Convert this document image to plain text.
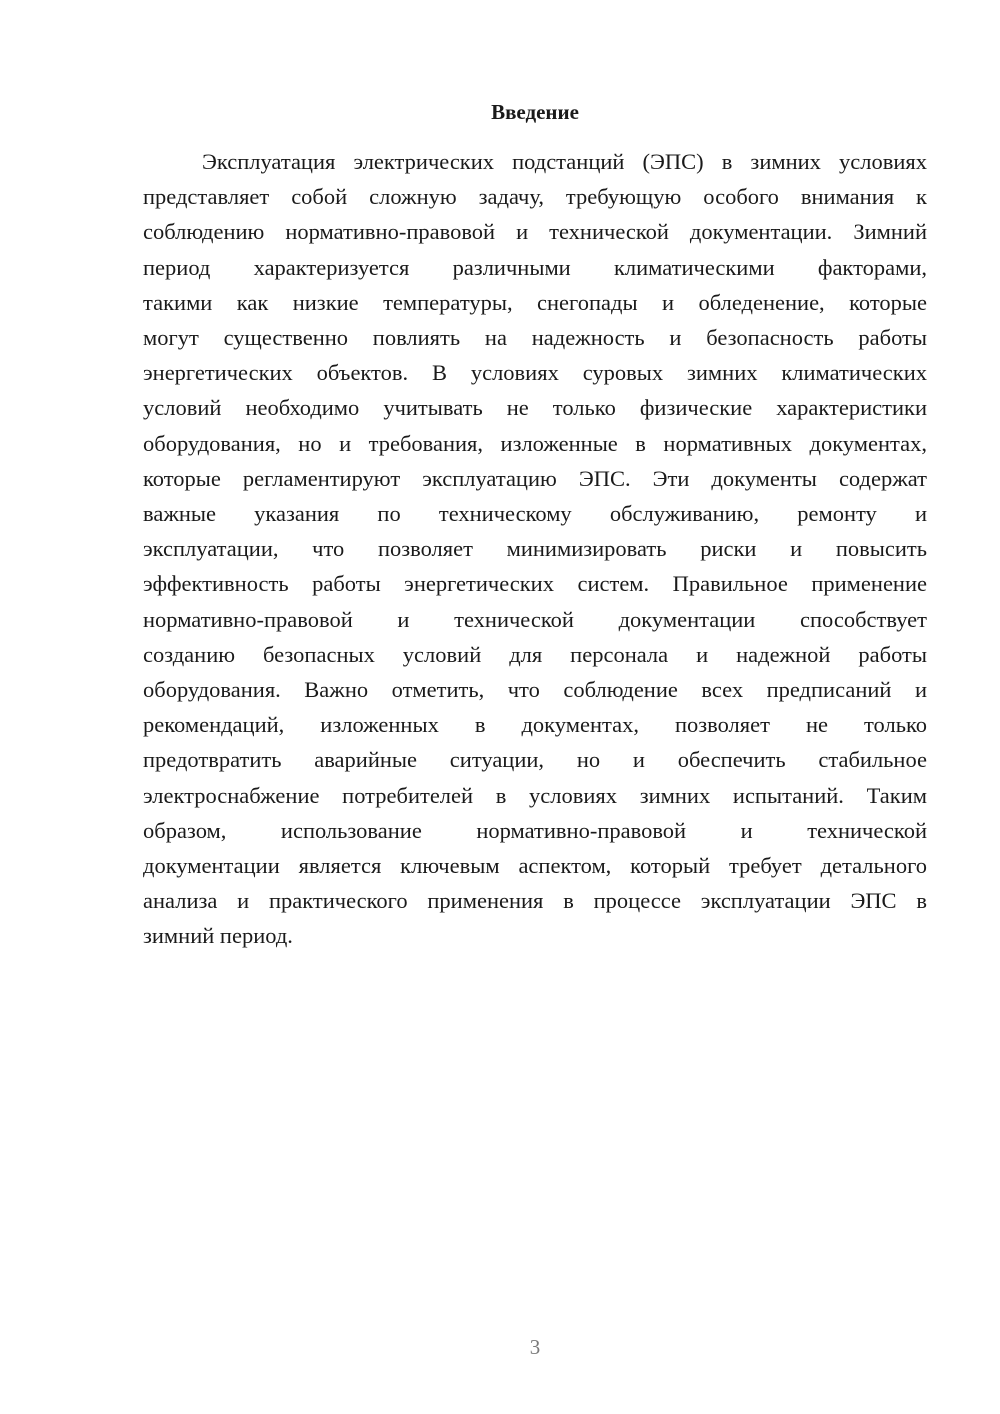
Введение
Эксплуатация электрических подстанций (ЭПС) в зимних условиях
представляет собой сложную задачу, требующую особого внимания к
соблюдению нормативно-правовой и технической документации. Зимний
период характеризуется различными климатическими факторами,
такими как низкие температуры, снегопады и обледенение, которые
могут существенно повлиять на надежность и безопасность работы
энергетических объектов. В условиях суровых зимних климатических
условий необходимо учитывать не только физические характеристики
оборудования, но и требования, изложенные в нормативных документах,
которые регламентируют эксплуатацию ЭПС. Эти документы содержат
важные указания по техническому обслуживанию, ремонту и
эксплуатации, что позволяет минимизировать риски и повысить
эффективность работы энергетических систем. Правильное применение
нормативно-правовой и технической документации способствует
созданию безопасных условий для персонала и надежной работы
оборудования. Важно отметить, что соблюдение всех предписаний и
рекомендаций, изложенных в документах, позволяет не только
предотвратить аварийные ситуации, но и обеспечить стабильное
электроснабжение потребителей в условиях зимних испытаний. Таким
образом, использование нормативно-правовой и технической
документации является ключевым аспектом, который требует детального
анализа и практического применения в процессе эксплуатации ЭПС в
зимний период.
3
